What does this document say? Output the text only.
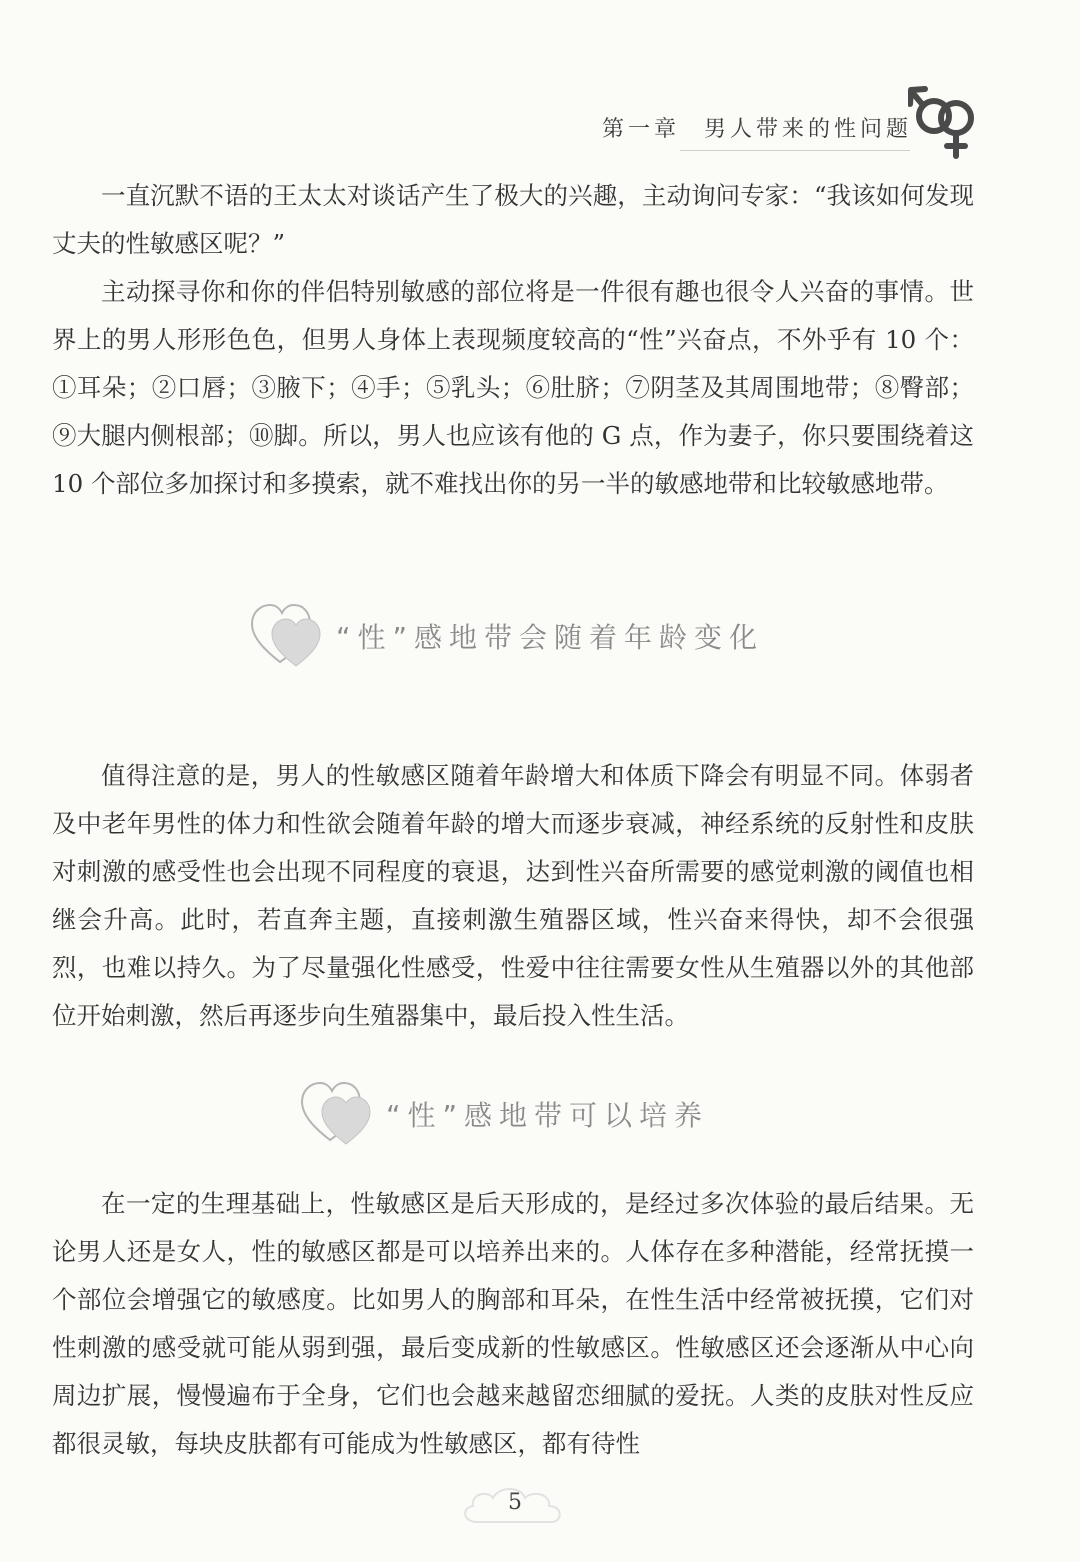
第一章 男人带来的性问题

一直沉默不语的王太太对谈话产生了极大的兴趣，主动询问专家：“我该如何发现丈夫的性敏感区呢？”

主动探寻你和你的伴侣特别敏感的部位将是一件很有趣也很令人兴奋的事情。世界上的男人形形色色，但男人身体上表现频度较高的“性”兴奋点，不外乎有 10 个：①耳朵；②口唇；③腋下；④手；⑤乳头；⑥肚脐；⑦阴茎及其周围地带；⑧臀部；⑨大腿内侧根部；⑩脚。所以，男人也应该有他的 G 点，作为妻子，你只要围绕着这 10 个部位多加探讨和多摸索，就不难找出你的另一半的敏感地带和比较敏感地带。

“性”感地带会随着年龄变化

值得注意的是，男人的性敏感区随着年龄增大和体质下降会有明显不同。体弱者及中老年男性的体力和性欲会随着年龄的增大而逐步衰减，神经系统的反射性和皮肤对刺激的感受性也会出现不同程度的衰退，达到性兴奋所需要的感觉刺激的阈值也相继会升高。此时，若直奔主题，直接刺激生殖器区域，性兴奋来得快，却不会很强烈，也难以持久。为了尽量强化性感受，性爱中往往需要女性从生殖器以外的其他部位开始刺激，然后再逐步向生殖器集中，最后投入性生活。

“性”感地带可以培养

在一定的生理基础上，性敏感区是后天形成的，是经过多次体验的最后结果。无论男人还是女人，性的敏感区都是可以培养出来的。人体存在多种潜能，经常抚摸一个部位会增强它的敏感度。比如男人的胸部和耳朵，在性生活中经常被抚摸，它们对性刺激的感受就可能从弱到强，最后变成新的性敏感区。性敏感区还会逐渐从中心向周边扩展，慢慢遍布于全身，它们也会越来越留恋细腻的爱抚。人类的皮肤对性反应都很灵敏，每块皮肤都有可能成为性敏感区，都有待性

5
